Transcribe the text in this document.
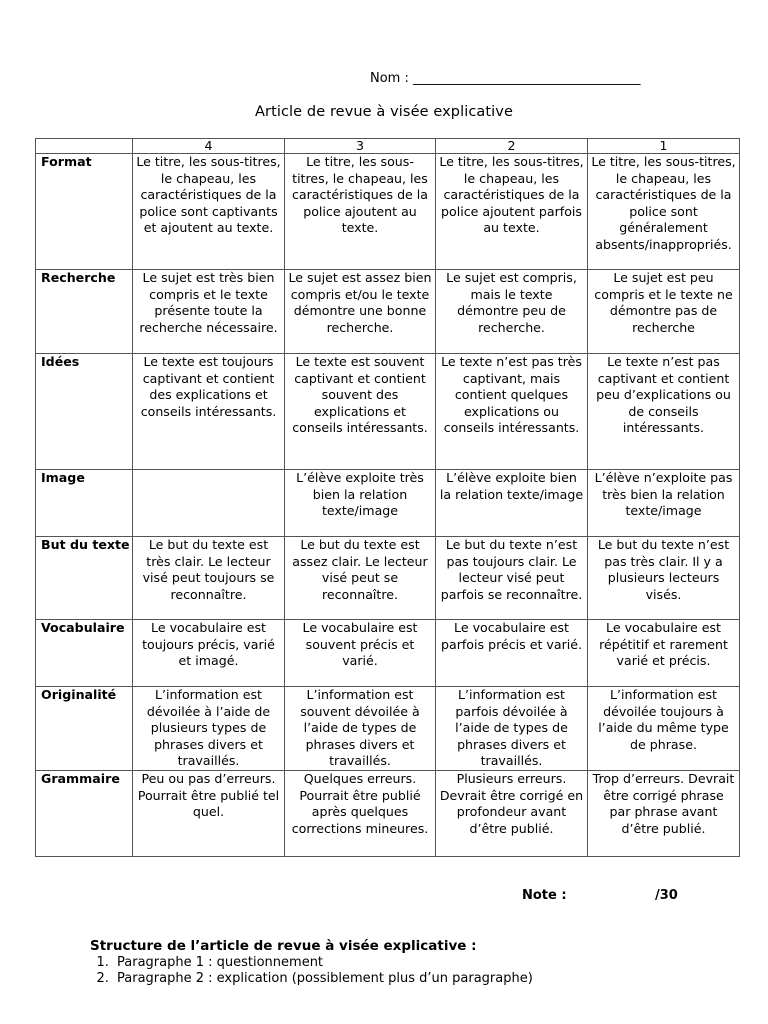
Nom : ___________________________________
Article de revue à visée explicative
	4	3	2	1
Format	Le titre, les sous-titres, le chapeau, les caractéristiques de la police sont captivants et ajoutent au texte.	Le titre, les sous-titres, le chapeau, les caractéristiques de la police ajoutent au texte.	Le titre, les sous-titres, le chapeau, les caractéristiques de la police ajoutent parfois au texte.	Le titre, les sous-titres, le chapeau, les caractéristiques de la police sont généralement absents/inappropriés.
Recherche	Le sujet est très bien compris et le texte présente toute la recherche nécessaire.	Le sujet est assez bien compris et/ou le texte démontre une bonne recherche.	Le sujet est compris, mais le texte démontre peu de recherche.	Le sujet est peu compris et le texte ne démontre pas de recherche
Idées	Le texte est toujours captivant et contient des explications et conseils intéressants.	Le texte est souvent captivant et contient souvent des explications et conseils intéressants.	Le texte n’est pas très captivant, mais contient quelques explications ou conseils intéressants.	Le texte n’est pas captivant et contient peu d’explications ou de conseils intéressants.
Image		L’élève exploite très bien la relation texte/image	L’élève exploite bien la relation texte/image	L’élève n’exploite pas très bien la relation texte/image
But du texte	Le but du texte est très clair. Le lecteur visé peut toujours se reconnaître.	Le but du texte est assez clair. Le lecteur visé peut se reconnaître.	Le but du texte n’est pas toujours clair. Le lecteur visé peut parfois se reconnaître.	Le but du texte n’est pas très clair. Il y a plusieurs lecteurs visés.
Vocabulaire	Le vocabulaire est toujours précis, varié et imagé.	Le vocabulaire est souvent précis et varié.	Le vocabulaire est parfois précis et varié.	Le vocabulaire est répétitif et rarement varié et précis.
Originalité	L’information est dévoilée à l’aide de plusieurs types de phrases divers et travaillés.	L’information est souvent dévoilée à l’aide de types de phrases divers et travaillés.	L’information est parfois dévoilée à l’aide de types de phrases divers et travaillés.	L’information est dévoilée toujours à l’aide du même type de phrase.
Grammaire	Peu ou pas d’erreurs. Pourrait être publié tel quel.	Quelques erreurs. Pourrait être publié après quelques corrections mineures.	Plusieurs erreurs. Devrait être corrigé en profondeur avant d’être publié.	Trop d’erreurs. Devrait être corrigé phrase par phrase avant d’être publié.
Note :	/30
Structure de l’article de revue à visée explicative :
1. Paragraphe 1 : questionnement
2. Paragraphe 2 : explication (possiblement plus d’un paragraphe)
